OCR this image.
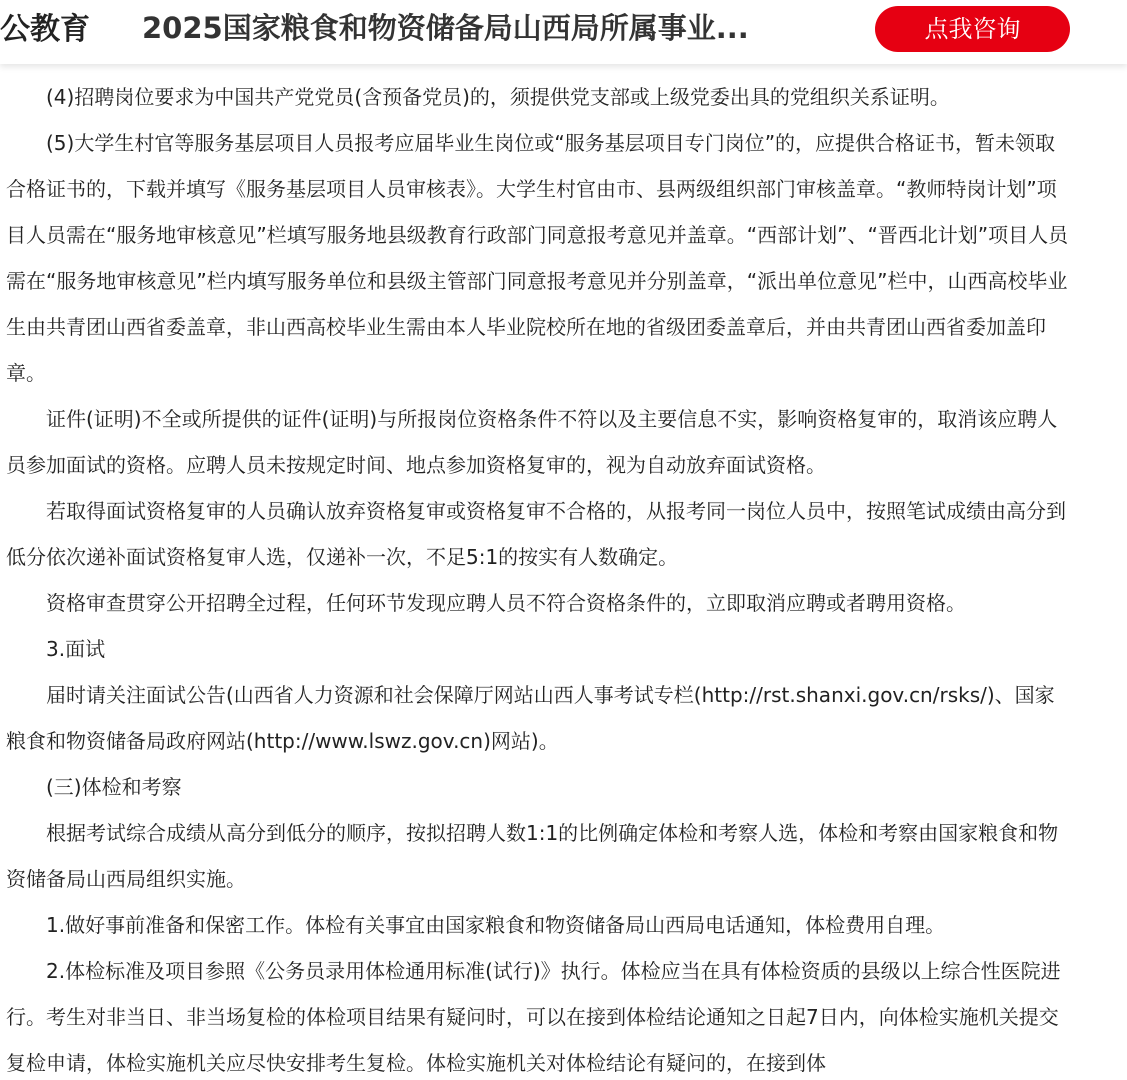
公教育 2025国家粮食和物资储备局山西局所属事业...	点我咨询

(4)招聘岗位要求为中国共产党党员(含预备党员)的，须提供党支部或上级党委出具的党组织关系证明。

(5)大学生村官等服务基层项目人员报考应届毕业生岗位或“服务基层项目专门岗位”的，应提供合格证书，暂未领取合格证书的，下载并填写《服务基层项目人员审核表》。大学生村官由市、县两级组织部门审核盖章。“教师特岗计划”项目人员需在“服务地审核意见”栏填写服务地县级教育行政部门同意报考意见并盖章。“西部计划”、“晋西北计划”项目人员需在“服务地审核意见”栏内填写服务单位和县级主管部门同意报考意见并分别盖章，“派出单位意见”栏中，山西高校毕业生由共青团山西省委盖章，非山西高校毕业生需由本人毕业院校所在地的省级团委盖章后，并由共青团山西省委加盖印章。

证件(证明)不全或所提供的证件(证明)与所报岗位资格条件不符以及主要信息不实，影响资格复审的，取消该应聘人员参加面试的资格。应聘人员未按规定时间、地点参加资格复审的，视为自动放弃面试资格。

若取得面试资格复审的人员确认放弃资格复审或资格复审不合格的，从报考同一岗位人员中，按照笔试成绩由高分到低分依次递补面试资格复审人选，仅递补一次，不足5:1的按实有人数确定。

资格审查贯穿公开招聘全过程，任何环节发现应聘人员不符合资格条件的，立即取消应聘或者聘用资格。

3.面试

届时请关注面试公告(山西省人力资源和社会保障厅网站山西人事考试专栏(http://rst.shanxi.gov.cn/rsks/)、国家粮食和物资储备局政府网站(http://www.lswz.gov.cn)网站)。

(三)体检和考察

根据考试综合成绩从高分到低分的顺序，按拟招聘人数1:1的比例确定体检和考察人选，体检和考察由国家粮食和物资储备局山西局组织实施。

1.做好事前准备和保密工作。体检有关事宜由国家粮食和物资储备局山西局电话通知，体检费用自理。

2.体检标准及项目参照《公务员录用体检通用标准(试行)》执行。体检应当在具有体检资质的县级以上综合性医院进行。考生对非当日、非当场复检的体检项目结果有疑问时，可以在接到体检结论通知之日起7日内，向体检实施机关提交复检申请，体检实施机关应尽快安排考生复检。体检实施机关对体检结论有疑问的，在接到体
